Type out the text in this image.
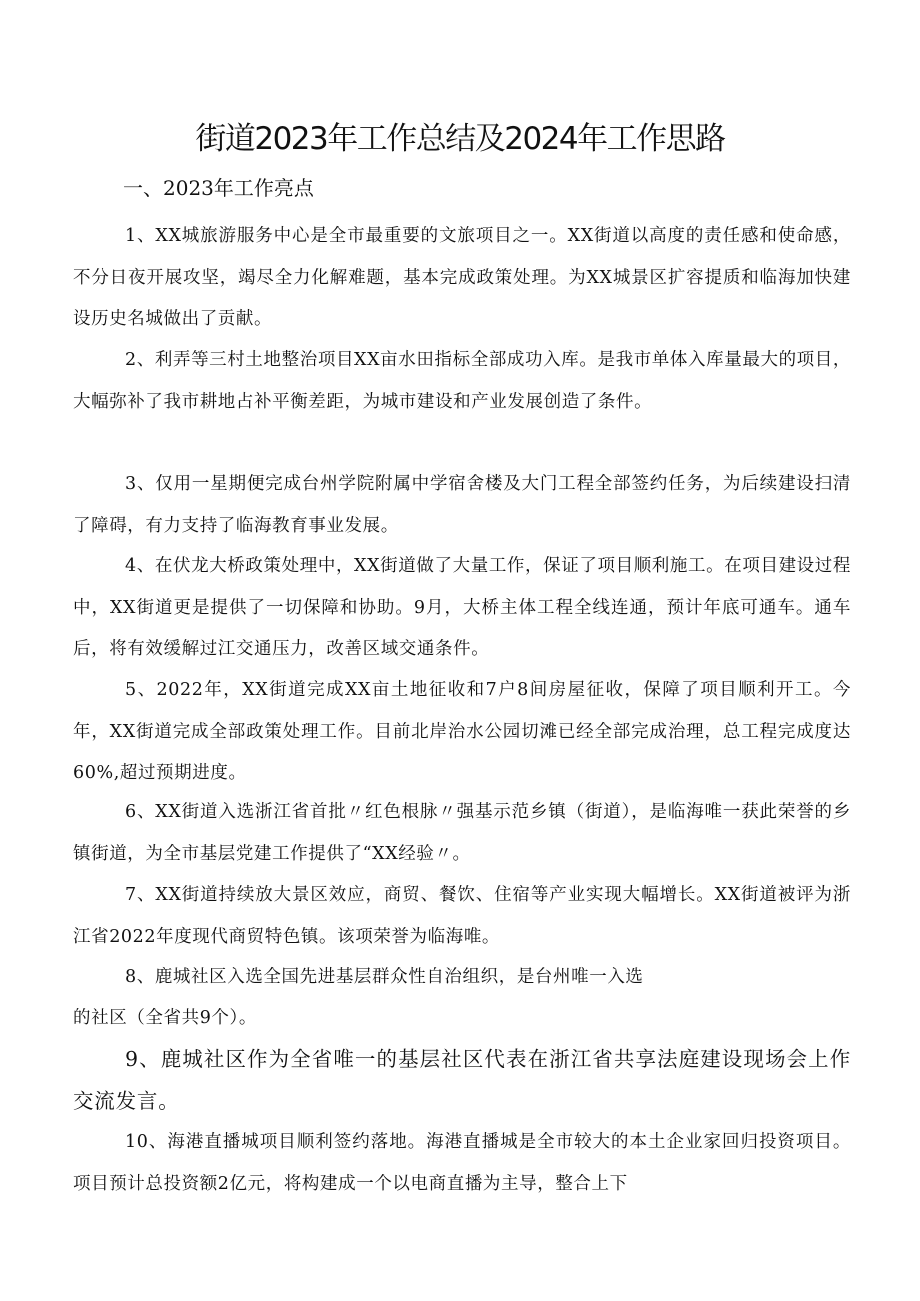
街道2023年工作总结及2024年工作思路
一、2023年工作亮点

1、XX城旅游服务中心是全市最重要的文旅项目之一。XX街道以高度的责任感和使命感，不分日夜开展攻坚，竭尽全力化解难题，基本完成政策处理。为XX城景区扩容提质和临海加快建设历史名城做出了贡献。

2、利弄等三村土地整治项目XX亩水田指标全部成功入库。是我市单体入库量最大的项目，大幅弥补了我市耕地占补平衡差距，为城市建设和产业发展创造了条件。

3、仅用一星期便完成台州学院附属中学宿舍楼及大门工程全部签约任务，为后续建设扫清了障碍，有力支持了临海教育事业发展。

4、在伏龙大桥政策处理中，XX街道做了大量工作，保证了项目顺利施工。在项目建设过程中，XX街道更是提供了一切保障和协助。9月，大桥主体工程全线连通，预计年底可通车。通车后，将有效缓解过江交通压力，改善区域交通条件。

5、2022年，XX街道完成XX亩土地征收和7户8间房屋征收，保障了项目顺利开工。今年，XX街道完成全部政策处理工作。目前北岸治水公园切滩已经全部完成治理，总工程完成度达60%,超过预期进度。

6、XX街道入选浙江省首批〃红色根脉〃强基示范乡镇（街道），是临海唯一获此荣誉的乡镇街道，为全市基层党建工作提供了“XX经验〃。

7、XX街道持续放大景区效应，商贸、餐饮、住宿等产业实现大幅增长。XX街道被评为浙江省2022年度现代商贸特色镇。该项荣誉为临海唯。

8、鹿城社区入选全国先进基层群众性自治组织，是台州唯一入选

的社区（全省共9个）。

9、鹿城社区作为全省唯一的基层社区代表在浙江省共享法庭建设现场会上作交流发言。

10、海港直播城项目顺利签约落地。海港直播城是全市较大的本土企业家回归投资项目。项目预计总投资额2亿元，将构建成一个以电商直播为主导，整合上下
